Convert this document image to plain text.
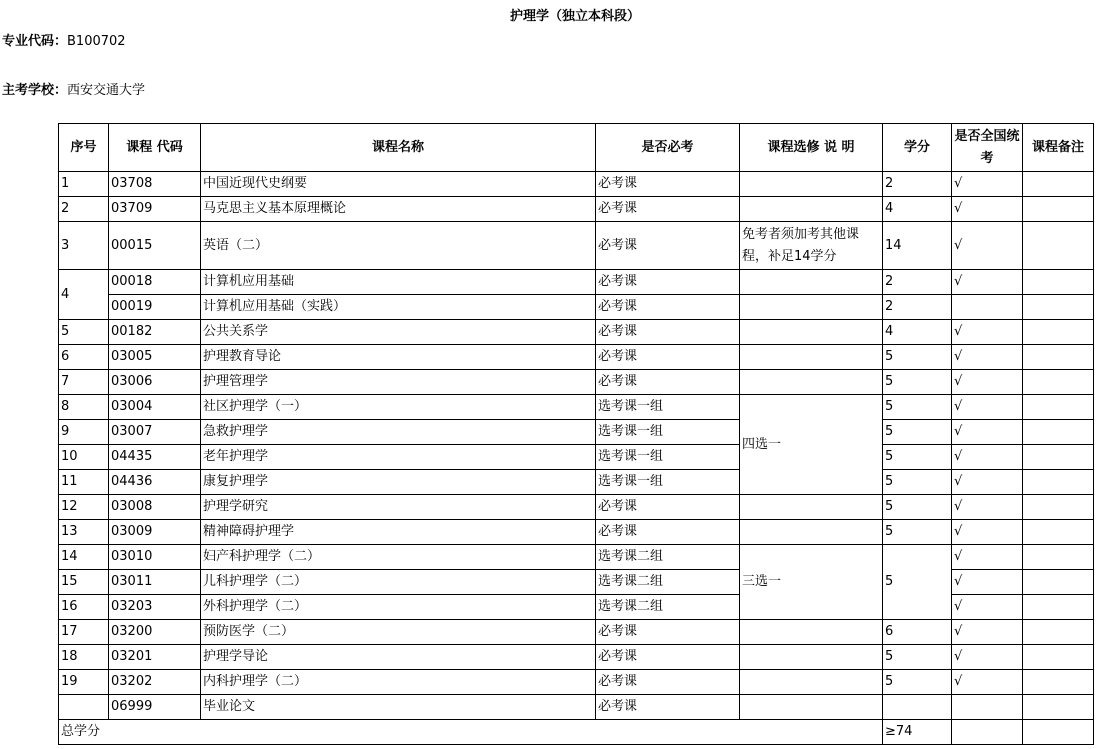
护理学（独立本科段）
专业代码：B100702
主考学校：西安交通大学
序号	课程 代码	课程名称	是否必考	课程选修 说 明	学分	是否全国统考	课程备注
1	03708	中国近现代史纲要	必考课		2	√	
2	03709	马克思主义基本原理概论	必考课		4	√	
3	00015	英语（二）	必考课	免考者须加考其他课程，补足14学分	14	√	
4	00018	计算机应用基础	必考课		2	√	
	00019	计算机应用基础（实践）	必考课		2		
5	00182	公共关系学	必考课		4	√	
6	03005	护理教育导论	必考课		5	√	
7	03006	护理管理学	必考课		5	√	
8	03004	社区护理学（一）	选考课一组	四选一	5	√	
9	03007	急救护理学	选考课一组		5	√	
10	04435	老年护理学	选考课一组		5	√	
11	04436	康复护理学	选考课一组		5	√	
12	03008	护理学研究	必考课		5	√	
13	03009	精神障碍护理学	必考课		5	√	
14	03010	妇产科护理学（二）	选考课二组	三选一	5	√	
15	03011	儿科护理学（二）	选考课二组			√	
16	03203	外科护理学（二）	选考课二组			√	
17	03200	预防医学（二）	必考课		6	√	
18	03201	护理学导论	必考课		5	√	
19	03202	内科护理学（二）	必考课		5	√	
	06999	毕业论文	必考课				
总学分					≥74		
